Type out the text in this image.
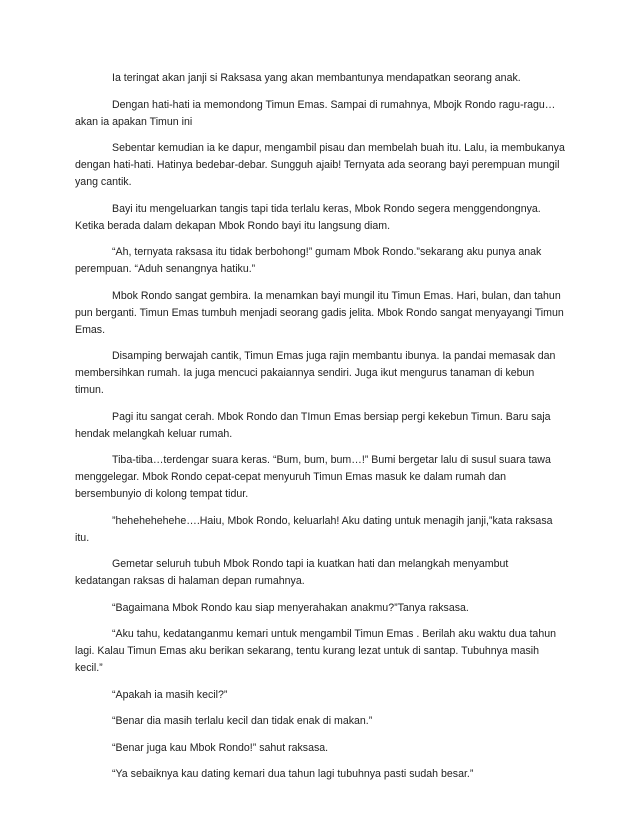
Ia teringat akan janji si Raksasa yang akan membantunya mendapatkan seorang anak.

Dengan hati-hati ia memondong Timun Emas. Sampai di rumahnya, Mbojk Rondo ragu-ragu… akan ia apakan Timun ini

Sebentar kemudian ia ke dapur, mengambil pisau dan membelah buah itu. Lalu, ia membukanya dengan hati-hati. Hatinya bedebar-debar. Sungguh ajaib! Ternyata ada seorang bayi perempuan mungil yang cantik.

Bayi itu mengeluarkan tangis tapi tida terlalu keras, Mbok Rondo segera menggendongnya. Ketika berada dalam dekapan Mbok Rondo bayi itu langsung diam.

“Ah, ternyata raksasa itu tidak berbohong!” gumam Mbok Rondo.”sekarang aku punya anak perempuan. “Aduh senangnya hatiku.”

Mbok Rondo sangat gembira. Ia menamkan bayi mungil itu Timun Emas. Hari, bulan, dan tahun pun berganti. Timun Emas tumbuh menjadi seorang gadis jelita. Mbok Rondo sangat menyayangi Timun Emas.

Disamping berwajah cantik, Timun Emas juga rajin membantu ibunya. Ia pandai memasak dan membersihkan rumah. Ia juga mencuci pakaiannya sendiri. Juga ikut mengurus tanaman di kebun timun.

Pagi itu sangat cerah. Mbok Rondo dan TImun Emas bersiap pergi kekebun Timun. Baru saja hendak melangkah keluar rumah.

Tiba-tiba…terdengar suara keras. “Bum, bum, bum…!” Bumi bergetar lalu di susul suara tawa menggelegar. Mbok Rondo cepat-cepat menyuruh Timun Emas masuk ke dalam rumah dan bersembunyio di kolong tempat tidur.

”hehehehehehe….Haiu, Mbok Rondo, keluarlah! Aku dating untuk menagih janji,”kata raksasa itu.

Gemetar seluruh tubuh Mbok Rondo tapi ia kuatkan hati dan melangkah menyambut kedatangan raksas di halaman depan rumahnya.

“Bagaimana Mbok Rondo kau siap menyerahakan anakmu?”Tanya raksasa.

“Aku tahu, kedatanganmu kemari untuk mengambil Timun Emas . Berilah aku waktu dua tahun lagi. Kalau Timun Emas aku berikan sekarang, tentu kurang lezat untuk di santap. Tubuhnya masih kecil.”

“Apakah ia masih kecil?”

“Benar dia masih terlalu kecil dan tidak enak di makan.”

“Benar juga kau Mbok Rondo!” sahut raksasa.

“Ya sebaiknya kau dating kemari dua tahun lagi tubuhnya pasti sudah besar.”
